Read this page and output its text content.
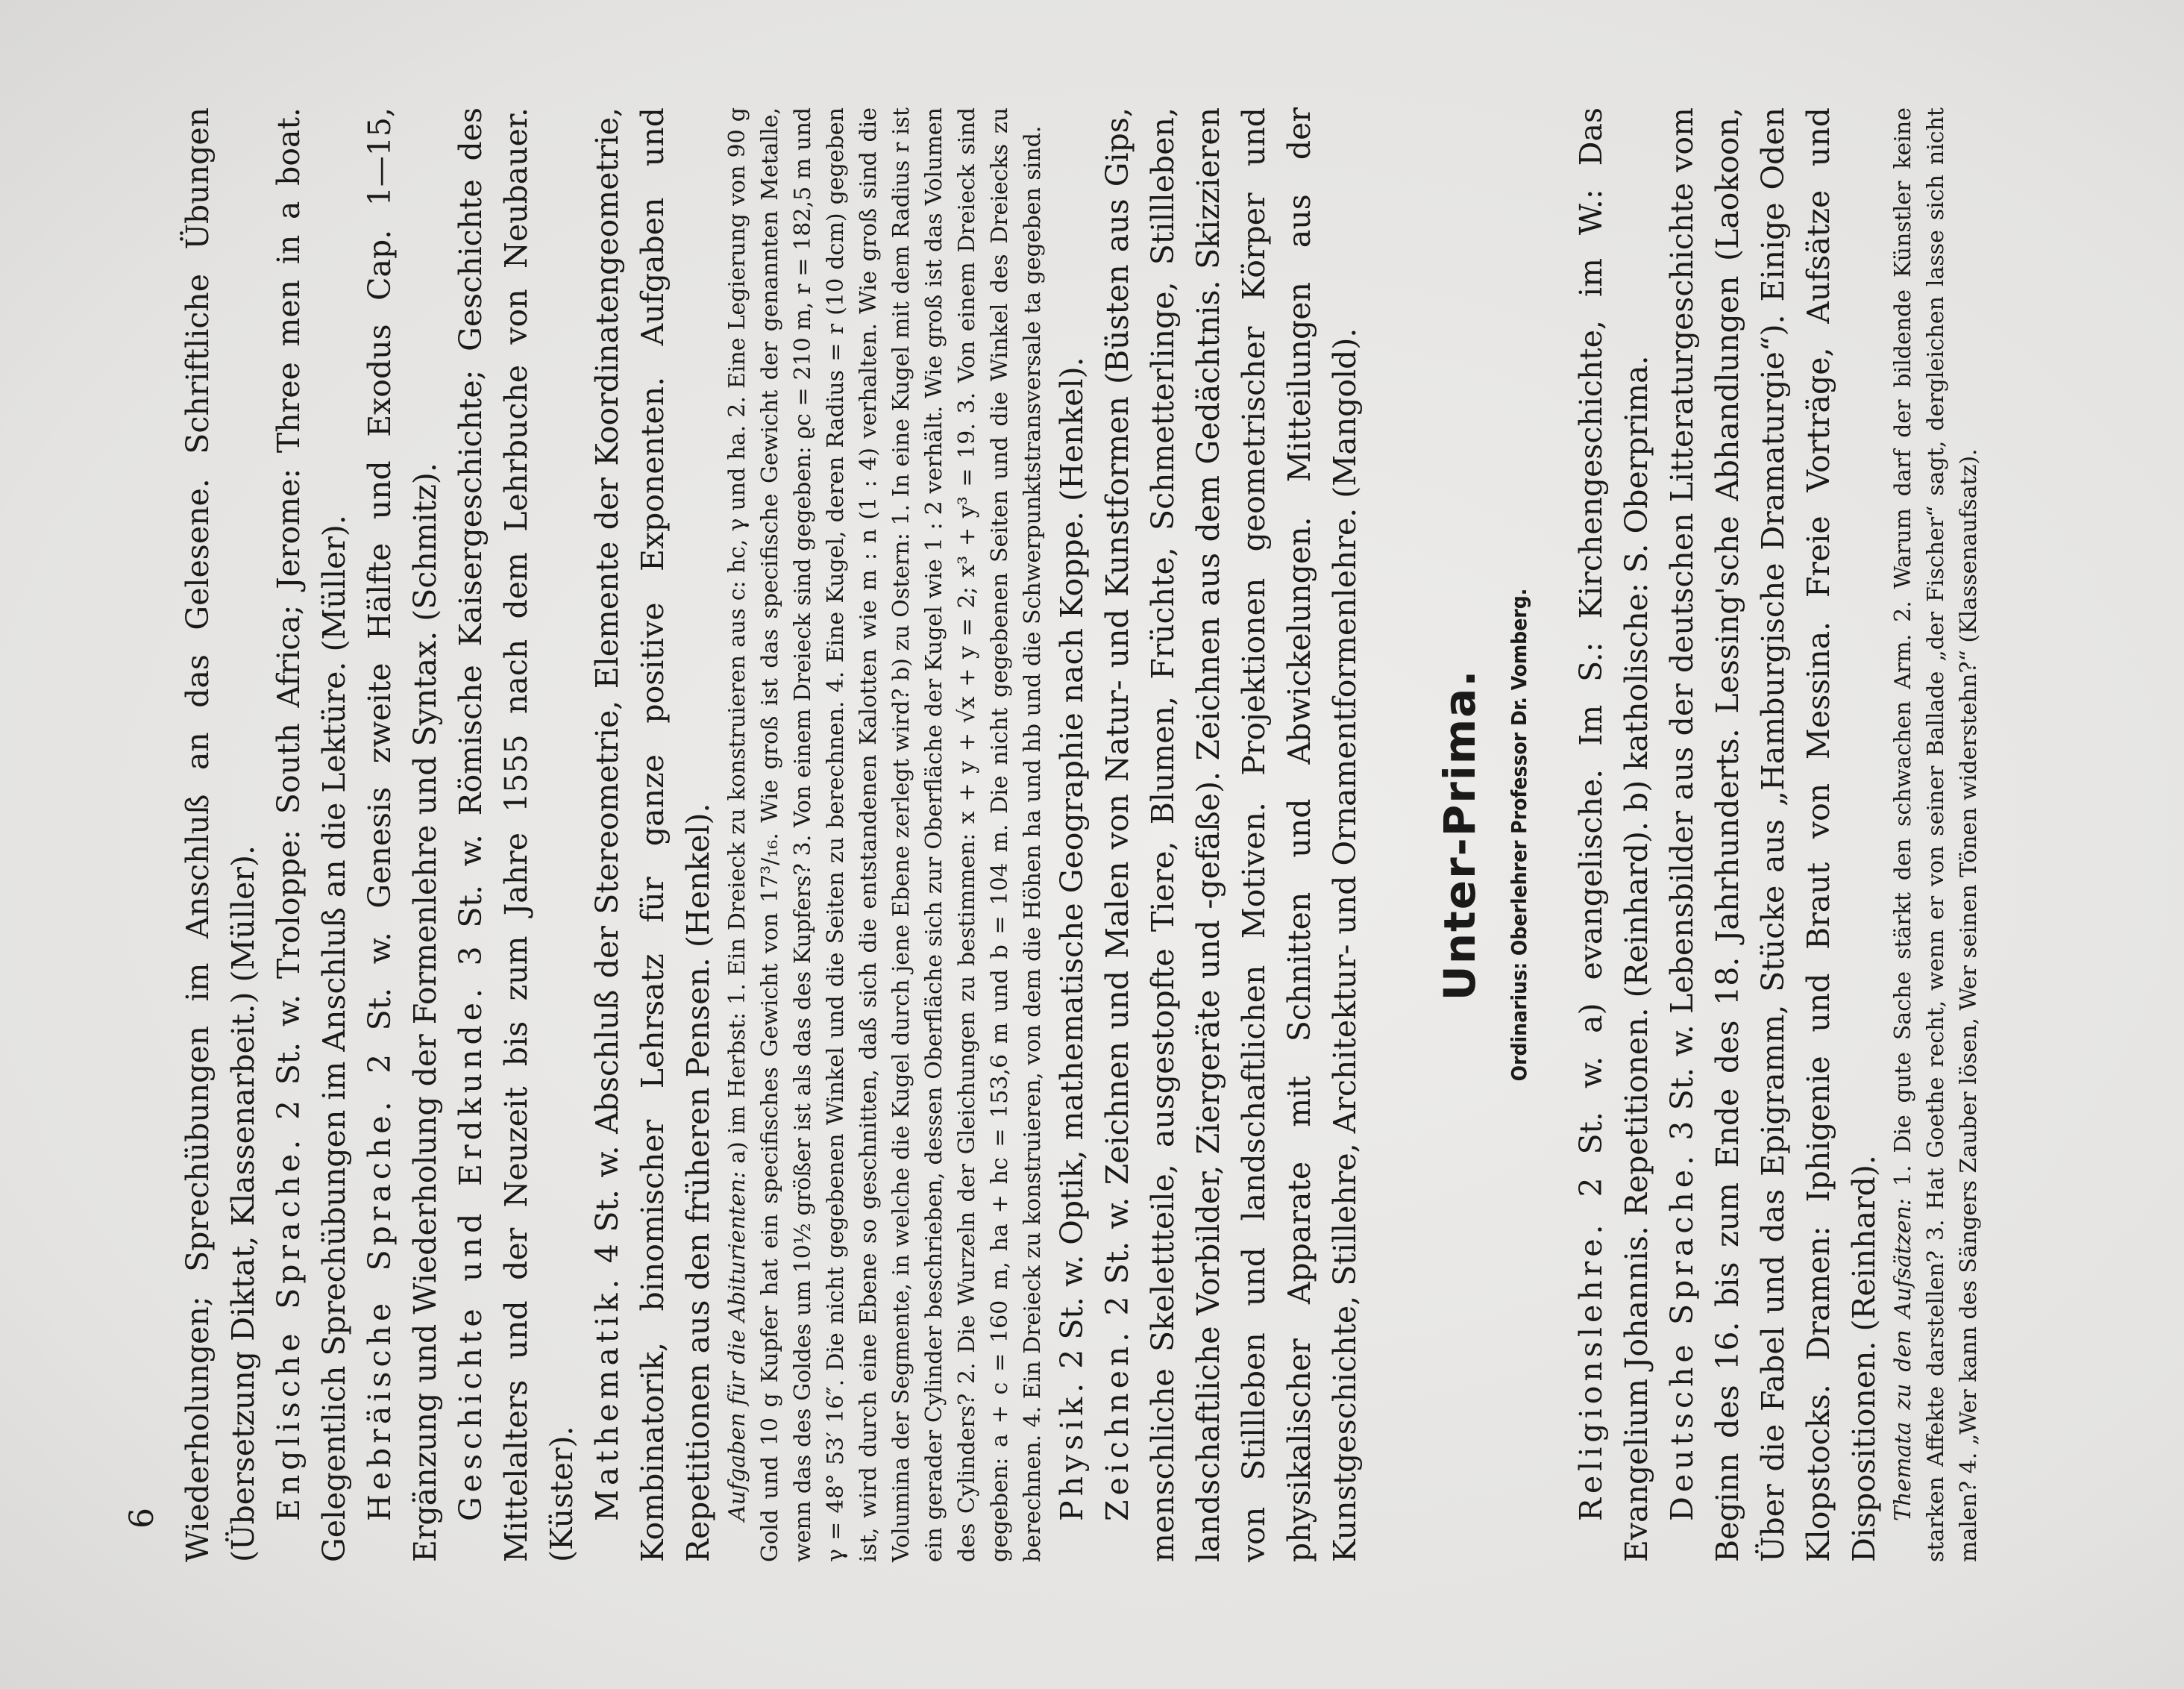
6 Wiederholungen; Sprechübungen im Anschluß an das Gelesene. Schriftliche Übungen (Übersetzung Diktat, Klassenarbeit.) (Müller). Englische Sprache. 2 St. w. Troloppe: South Africa; Jerome: Three men in a boat. Gelegentlich Sprechübungen im Anschluß an die Lektüre. (Müller). Hebräische Sprache. 2 St. w. Genesis zweite Hälfte und Exodus Cap. 1—15, Ergänzung und Wiederholung der Formenlehre und Syntax. (Schmitz). Geschichte und Erdkunde. 3 St. w. Römische Kaisergeschichte; Geschichte des Mittelalters und der Neuzeit bis zum Jahre 1555 nach dem Lehrbuche von Neubauer. (Küster). Mathematik. 4 St. w. Abschluß der Stereometrie, Elemente der Koordinatengeometrie, Kombinatorik, binomischer Lehrsatz für ganze positive Exponenten. Aufgaben und Repetitionen aus den früheren Pensen. (Henkel). Aufgaben für die Abiturienten: a) im Herbst: 1. Ein Dreieck zu konstruieren aus c: hc, γ und ha. 2. Eine Legierung von 90 g Gold und 10 g Kupfer hat ein specifisches Gewicht von 17³/₁₆. Wie groß ist das specifische Gewicht der genannten Metalle, wenn das des Goldes um 10½ größer ist als das des Kupfers? 3. Von einem Dreieck sind gegeben: ϱc = 210 m, r = 182,5 m und γ = 48° 53′ 16″. Die nicht gegebenen Winkel und die Seiten zu berechnen. 4. Eine Kugel, deren Radius = r (10 dcm) gegeben ist, wird durch eine Ebene so geschnitten, daß sich die entstandenen Kalotten wie m : n (1 : 4) verhalten. Wie groß sind die Volumina der Segmente, in welche die Kugel durch jene Ebene zerlegt wird? b) zu Ostern: 1. In eine Kugel mit dem Radius r ist ein gerader Cylinder beschrieben, dessen Oberfläche sich zur Oberfläche der Kugel wie 1 : 2 verhält. Wie groß ist das Volumen des Cylinders? 2. Die Wurzeln der Gleichungen zu bestimmen: x + y + √x + y = 2; x³ + y³ = 19. 3. Von einem Dreieck sind gegeben: a + c = 160 m, ha + hc = 153,6 m und b = 104 m. Die nicht gegebenen Seiten und die Winkel des Dreiecks zu berechnen. 4. Ein Dreieck zu konstruieren, von dem die Höhen ha und hb und die Schwerpunktstransversale ta gegeben sind. Physik. 2 St. w. Optik, mathematische Geographie nach Koppe. (Henkel).

Zeichnen. 2 St. w. Zeichnen und Malen von Natur- und Kunstformen (Büsten aus Gips, menschliche Skelettteile, ausgestopfte Tiere, Blumen, Früchte, Schmetterlinge, Stillleben, landschaftliche Vorbilder, Ziergeräte und -gefäße). Zeichnen aus dem Gedächtnis. Skizzieren von Stillleben und landschaftlichen Motiven. Projektionen geometrischer Körper und physikalischer Apparate mit Schnitten und Abwickelungen. Mitteilungen aus der Kunstgeschichte, Stillehre, Architektur- und Ornamentformenlehre. (Mangold). Unter-Prima.	Ordinarius: Oberlehrer Professor Dr. Vomberg.

Religionslehre. 2 St. w. a) evangelische. Im S.: Kirchengeschichte, im W.: Das Evangelium Johannis. Repetitionen. (Reinhard). b) katholische: S. Oberprima. Deutsche Sprache. 3 St. w. Lebensbilder aus der deutschen Litteraturgeschichte vom Beginn des 16. bis zum Ende des 18. Jahrhunderts. Lessing'sche Abhandlungen (Laokoon, Über die Fabel und das Epigramm, Stücke aus „Hamburgische Dramaturgie“). Einige Oden Klopstocks. Dramen: Iphigenie und Braut von Messina. Freie Vorträge, Aufsätze und Dispositionen. (Reinhard). Themata zu den Aufsätzen: 1. Die gute Sache stärkt den schwachen Arm. 2. Warum darf der bildende Künstler keine starken Affekte darstellen? 3. Hat Goethe recht, wenn er von seiner Ballade „der Fischer“ sagt, dergleichen lasse sich nicht malen? 4. „Wer kann des Sängers Zauber lösen, Wer seinen Tönen widerstehn?“ (Klassenaufsatz).
